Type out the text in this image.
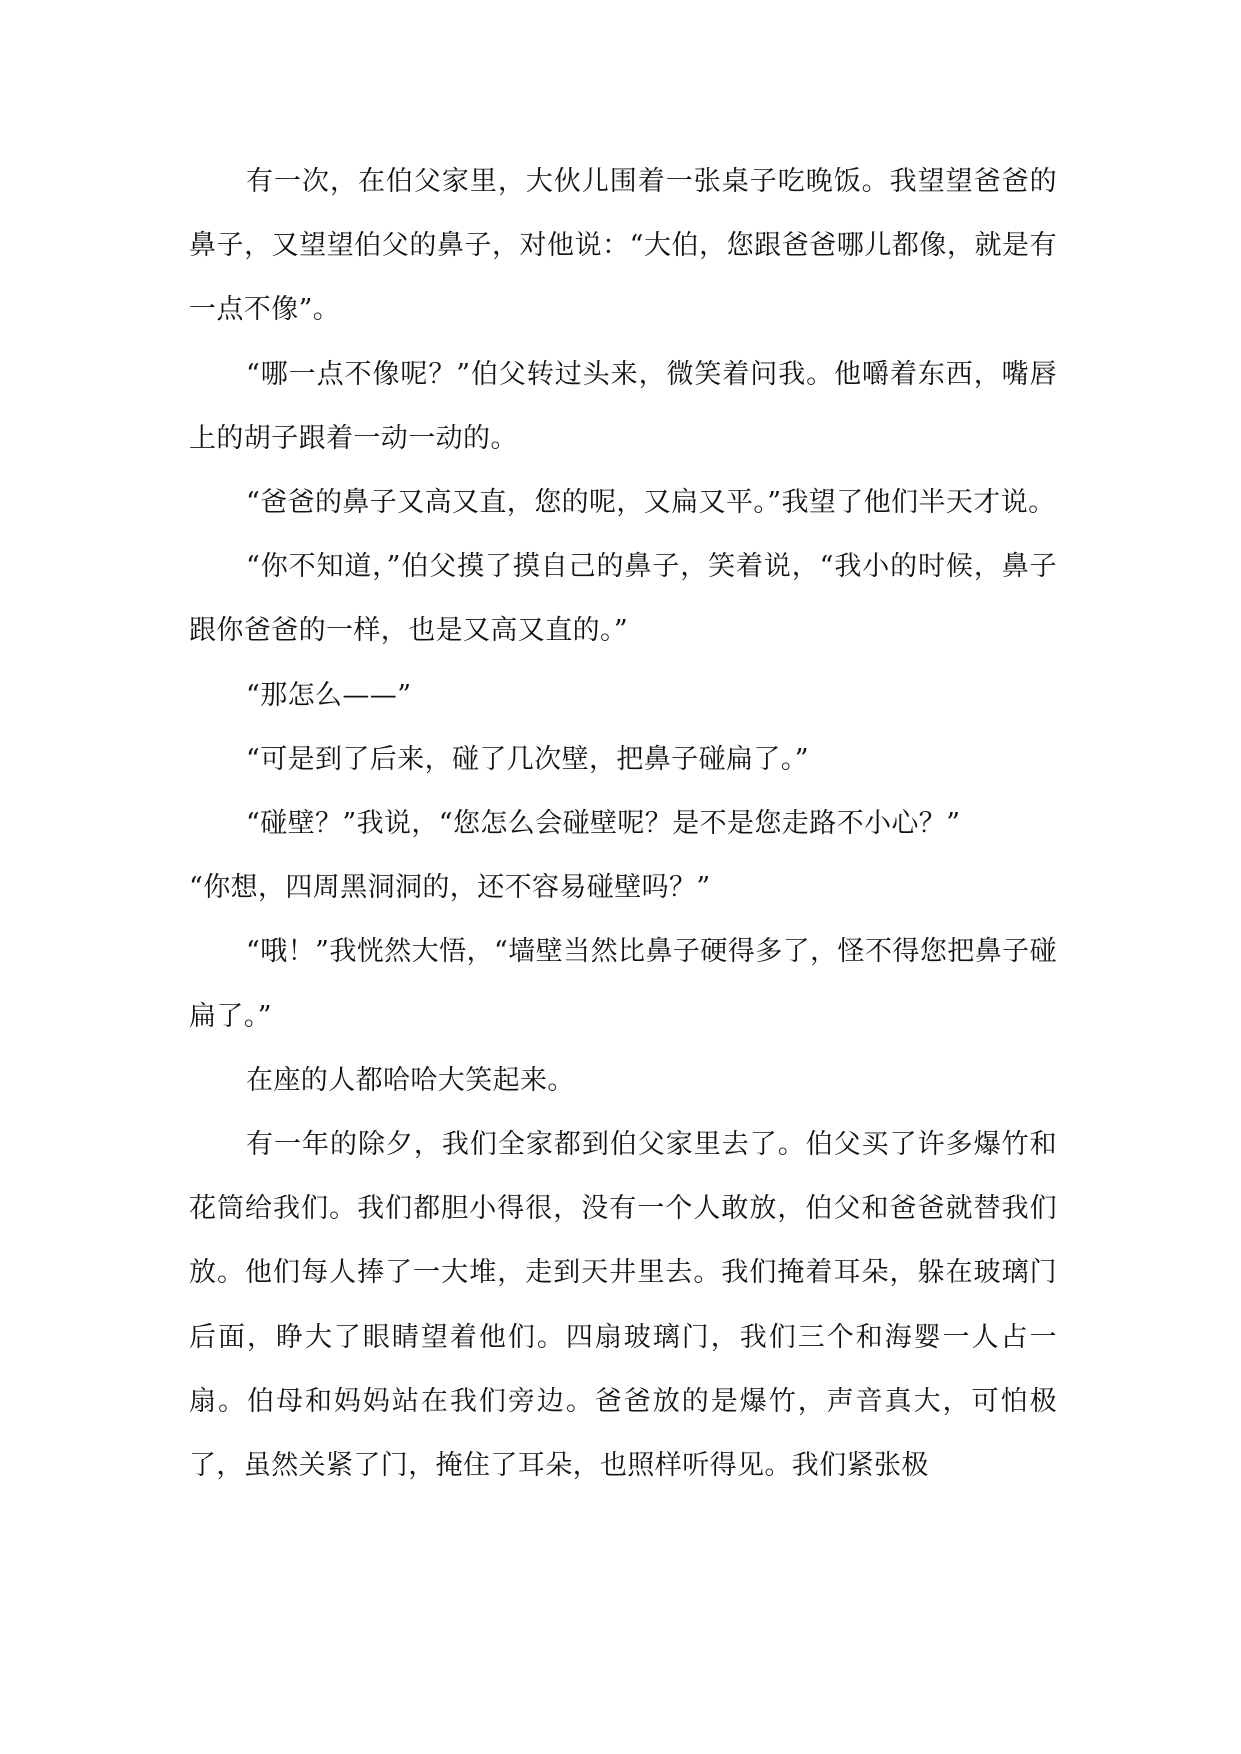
有一次，在伯父家里，大伙儿围着一张桌子吃晚饭。我望望爸爸的鼻子，又望望伯父的鼻子，对他说：“大伯，您跟爸爸哪儿都像，就是有一点不像”。

“哪一点不像呢？”伯父转过头来，微笑着问我。他嚼着东西，嘴唇上的胡子跟着一动一动的。

“爸爸的鼻子又高又直，您的呢，又扁又平。”我望了他们半天才说。

“你不知道，”伯父摸了摸自己的鼻子，笑着说，“我小的时候，鼻子跟你爸爸的一样，也是又高又直的。”

“那怎么——”

“可是到了后来，碰了几次壁，把鼻子碰扁了。”

“碰壁？”我说，“您怎么会碰壁呢？是不是您走路不小心？”

“你想，四周黑洞洞的，还不容易碰壁吗？”

“哦！”我恍然大悟，“墙壁当然比鼻子硬得多了，怪不得您把鼻子碰扁了。”

在座的人都哈哈大笑起来。

有一年的除夕，我们全家都到伯父家里去了。伯父买了许多爆竹和花筒给我们。我们都胆小得很，没有一个人敢放，伯父和爸爸就替我们放。他们每人捧了一大堆，走到天井里去。我们掩着耳朵，躲在玻璃门后面，睁大了眼睛望着他们。四扇玻璃门，我们三个和海婴一人占一扇。伯母和妈妈站在我们旁边。爸爸放的是爆竹，声音真大，可怕极了，虽然关紧了门，掩住了耳朵，也照样听得见。我们紧张极
